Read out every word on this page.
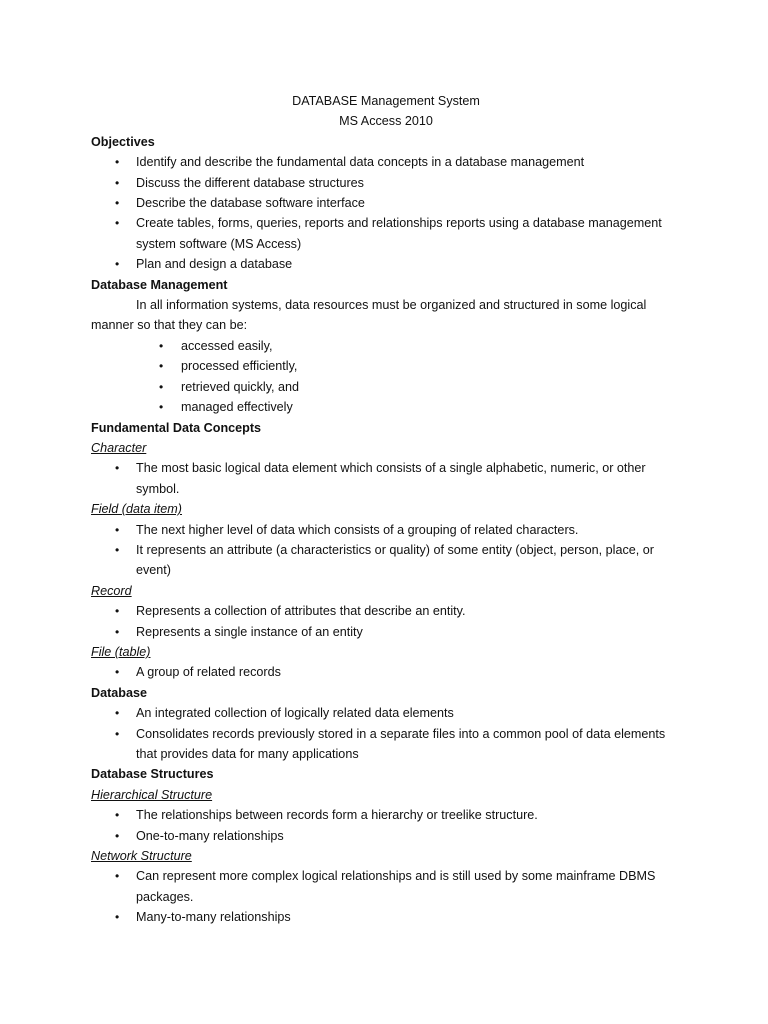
DATABASE Management System

MS Access 2010

Objectives

• Identify and describe the fundamental data concepts in a database management
• Discuss the different database structures
• Describe the database software interface
• Create tables, forms, queries, reports and relationships reports using a database management system software (MS Access)
• Plan and design a database

Database Management

In all information systems, data resources must be organized and structured in some logical manner so that they can be:

• accessed easily,
• processed efficiently,
• retrieved quickly, and
• managed effectively

Fundamental Data Concepts

Character

• The most basic logical data element which consists of a single alphabetic, numeric, or other symbol.

Field (data item)

• The next higher level of data which consists of a grouping of related characters.
• It represents an attribute (a characteristics or quality) of some entity (object, person, place, or event)

Record

• Represents a collection of attributes that describe an entity.
• Represents a single instance of an entity

File (table)

• A group of related records

Database

• An integrated collection of logically related data elements
• Consolidates records previously stored in a separate files into a common pool of data elements that provides data for many applications

Database Structures

Hierarchical Structure

• The relationships between records form a hierarchy or treelike structure.
• One-to-many relationships

Network Structure

• Can represent more complex logical relationships and is still used by some mainframe DBMS packages.
• Many-to-many relationships
